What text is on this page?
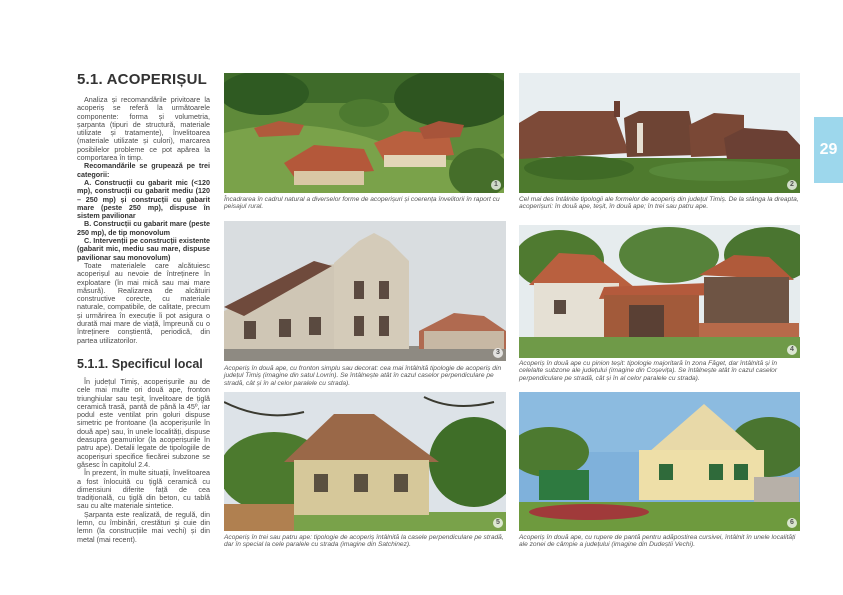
5.1. ACOPERIȘUL

Analiza și recomandările privitoare la acoperiș se referă la următoarele componente: forma și volumetria, șarpanta (tipuri de structură, materiale utilizate și tratamente), învelitoarea (materiale utilizate și culori), marcarea posibilelor probleme ce pot apărea la comportarea în timp.

Recomandările se grupează pe trei categorii:

A. Construcții cu gabarit mic (<120 mp), construcții cu gabarit mediu (120 – 250 mp) și construcții cu gabarit mare (peste 250 mp), dispuse în sistem pavilionar

B. Construcții cu gabarit mare (peste 250 mp), de tip monovolum

C. Intervenții pe construcții existente (gabarit mic, mediu sau mare, dispuse pavilionar sau monovolum)

Toate materialele care alcătuiesc acoperișul au nevoie de întreținere în exploatare (în mai mică sau mai mare măsură). Realizarea de alcătuiri constructive corecte, cu materiale naturale, compatibile, de calitate, precum și urmărirea în execuție îi pot asigura o durată mai mare de viață, împreună cu o întreținere conștientă, periodică, din partea utilizatorilor.

5.1.1. Specificul local

În județul Timiș, acoperișurile au de cele mai multe ori două ape, fronton triunghiular sau teșit, învelitoare de țiglă ceramică trasă, pantă de până la 45º, iar podul este ventilat prin goluri dispuse simetric pe frontoane (la acoperișurile în două ape) sau, în unele localități, dispuse deasupra geamurilor (la acoperișurile în patru ape). Detalii legate de tipologiile de acoperișuri specifice fiecărei subzone se găsesc în capitolul 2.4.

În prezent, în multe situații, învelitoarea a fost înlocuită cu țiglă ceramică cu dimensiuni diferite față de cea tradițională, cu țiglă din beton, cu tablă sau cu alte materiale sintetice.

Șarpanta este realizată, de regulă, din lemn, cu îmbinări, crestături și cuie din lemn (la construcțiile mai vechi) și din metal (mai recent).

1
Încadrarea în cadrul natural a diverselor forme de acoperișuri și coerența învelitorii în raport cu peisajul rural.
2
Cel mai des întâlnite tipologii ale formelor de acoperiș din județul Timiș. De la stânga la dreapta, acoperișuri: în două ape, teșit, în două ape; în trei sau patru ape.
3
Acoperiș în două ape, cu fronton simplu sau decorat: cea mai întâlnită tipologie de acoperiș din județul Timiș (imagine din satul Lovrin). Se întâlnește atât în cazul caselor perpendiculare pe stradă, cât și în al celor paralele cu strada).
4
Acoperiș în două ape cu pinion teșit: tipologie majoritară în zona Făget, dar întâlnită și în celelalte subzone ale județului (imagine din Coșevița). Se întâlnește atât în cazul caselor perpendiculare pe stradă, cât și în al celor paralele cu strada).
5
Acoperiș în trei sau patru ape: tipologie de acoperiș întâlnită la casele perpendiculare pe stradă, dar în special la cele paralele cu strada (imagine din Satchinez).
6
Acoperiș în două ape, cu rupere de pantă pentru adăpostirea cursivei, întâlnit în unele localități ale zonei de câmpie a județului (imagine din Dudeștii Vechi).
29
